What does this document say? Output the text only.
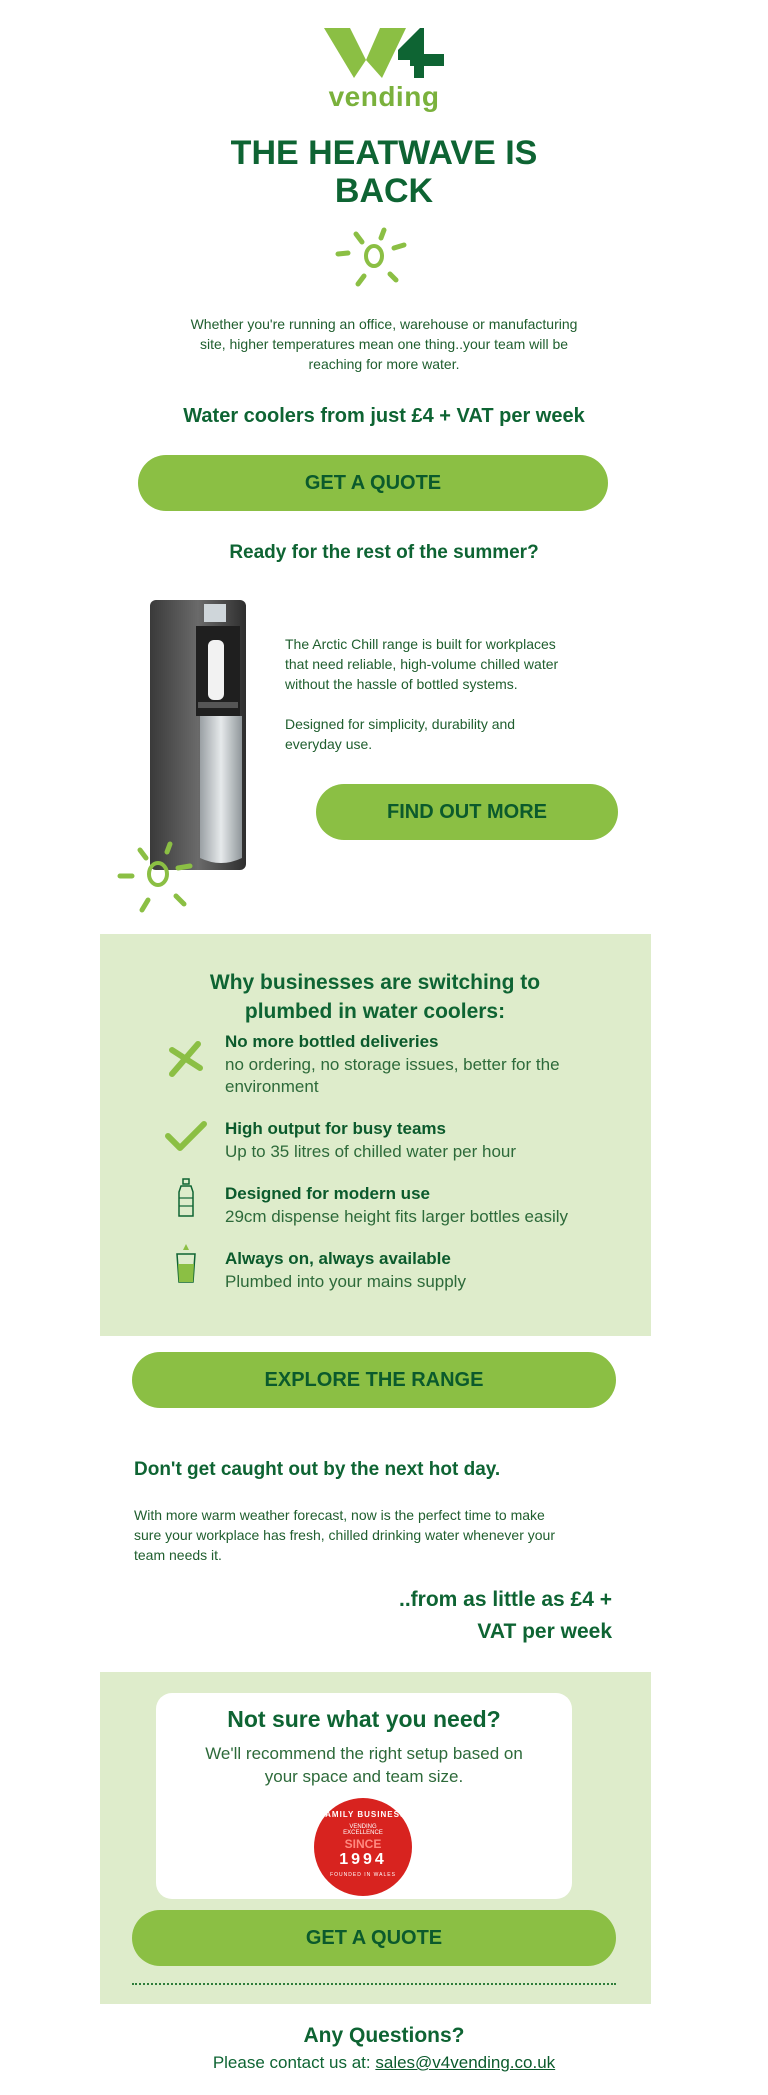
vending
THE HEATWAVE IS BACK
Whether you're running an office, warehouse or manufacturing site, higher temperatures mean one thing..your team will be reaching for more water.
Water coolers from just £4 + VAT per week
GET A QUOTE
Ready for the rest of the summer?
The Arctic Chill range is built for workplaces that need reliable, high-volume chilled water without the hassle of bottled systems.
Designed for simplicity, durability and everyday use.
FIND OUT MORE
Why businesses are switching to plumbed in water coolers:
No more bottled deliveries
no ordering, no storage issues, better for the environment
High output for busy teams
Up to 35 litres of chilled water per hour
Designed for modern use
29cm dispense height fits larger bottles easily
Always on, always available
Plumbed into your mains supply
EXPLORE THE RANGE
Don't get caught out by the next hot day.
With more warm weather forecast, now is the perfect time to make sure your workplace has fresh, chilled drinking water whenever your team needs it.
..from as little as £4 + VAT per week
Not sure what you need?
We'll recommend the right setup based on your space and team size.
FAMILY BUSINESS
VENDING
EXCELLENCE
SINCE
1994
FOUNDED IN WALES
GET A QUOTE
Any Questions?
Please contact us at: sales@v4vending.co.uk
